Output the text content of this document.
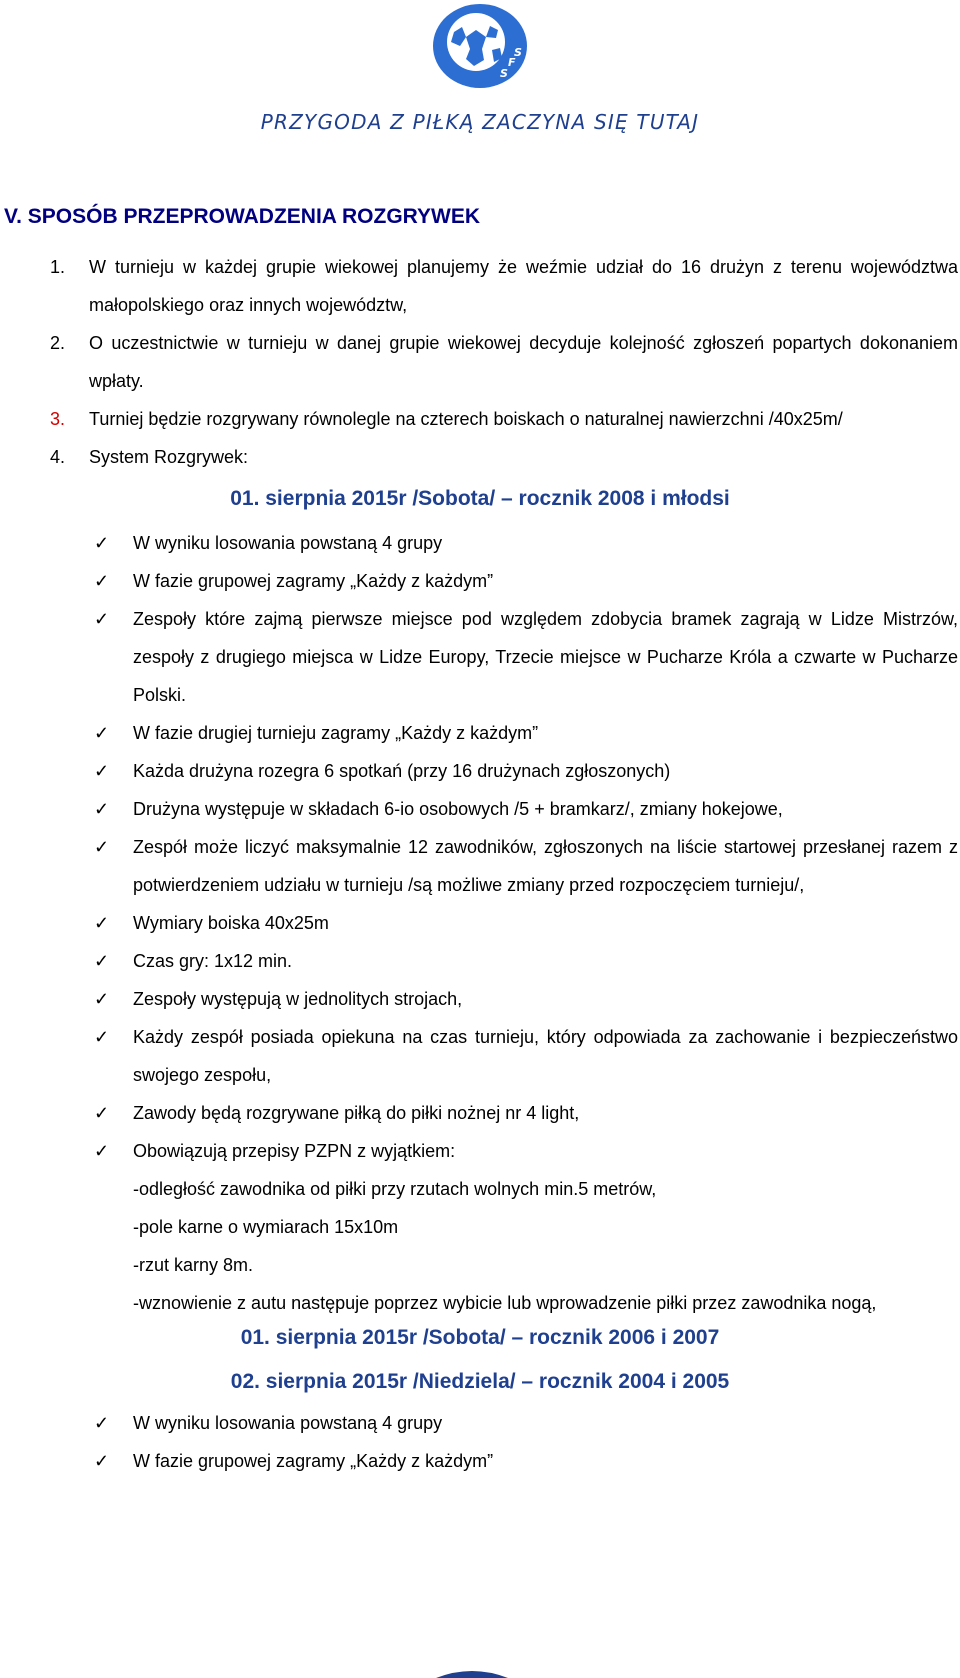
S
F
S

PRZYGODA Z PIŁKĄ ZACZYNA SIĘ TUTAJ

V. SPOSÓB PRZEPROWADZENIA ROZGRYWEK
1.	W turnieju w każdej grupie wiekowej planujemy że weźmie udział do 16 drużyn z terenu województwa małopolskiego oraz innych województw,
2.	O uczestnictwie w turnieju w danej grupie wiekowej decyduje kolejność zgłoszeń popartych dokonaniem wpłaty.
3.	Turniej będzie rozgrywany równolegle na czterech boiskach o naturalnej nawierzchni /40x25m/
4.	System Rozgrywek:
01. sierpnia 2015r /Sobota/ – rocznik 2008 i młodsi
✓	W wyniku losowania powstaną 4 grupy
✓	W fazie grupowej zagramy „Każdy z każdym”
✓	Zespoły które zajmą pierwsze miejsce pod względem zdobycia bramek zagrają w Lidze Mistrzów, zespoły z drugiego miejsca w Lidze Europy, Trzecie miejsce w Pucharze Króla a czwarte w Pucharze Polski.
✓	W fazie drugiej turnieju zagramy „Każdy z każdym”
✓	Każda drużyna rozegra 6 spotkań (przy 16 drużynach zgłoszonych)
✓	Drużyna występuje w składach 6-io osobowych /5 + bramkarz/, zmiany hokejowe,
✓	Zespół może liczyć maksymalnie 12 zawodników, zgłoszonych na liście startowej przesłanej razem z potwierdzeniem udziału w turnieju /są możliwe zmiany przed rozpoczęciem turnieju/,
✓	Wymiary boiska 40x25m
✓	Czas gry: 1x12 min.
✓	Zespoły występują w jednolitych strojach,
✓	Każdy zespół posiada opiekuna na czas turnieju, który odpowiada za zachowanie i bezpieczeństwo swojego zespołu,
✓	Zawody będą rozgrywane piłką do piłki nożnej nr 4 light,
✓	Obowiązują przepisy PZPN z wyjątkiem:
-odległość zawodnika od piłki przy rzutach wolnych min.5 metrów,
-pole karne o wymiarach 15x10m
-rzut karny 8m.
-wznowienie z autu następuje poprzez wybicie lub wprowadzenie piłki przez zawodnika nogą,
01. sierpnia 2015r /Sobota/ – rocznik 2006 i 2007
02. sierpnia 2015r /Niedziela/ – rocznik 2004 i 2005
✓	W wyniku losowania powstaną 4 grupy
✓	W fazie grupowej zagramy „Każdy z każdym”
